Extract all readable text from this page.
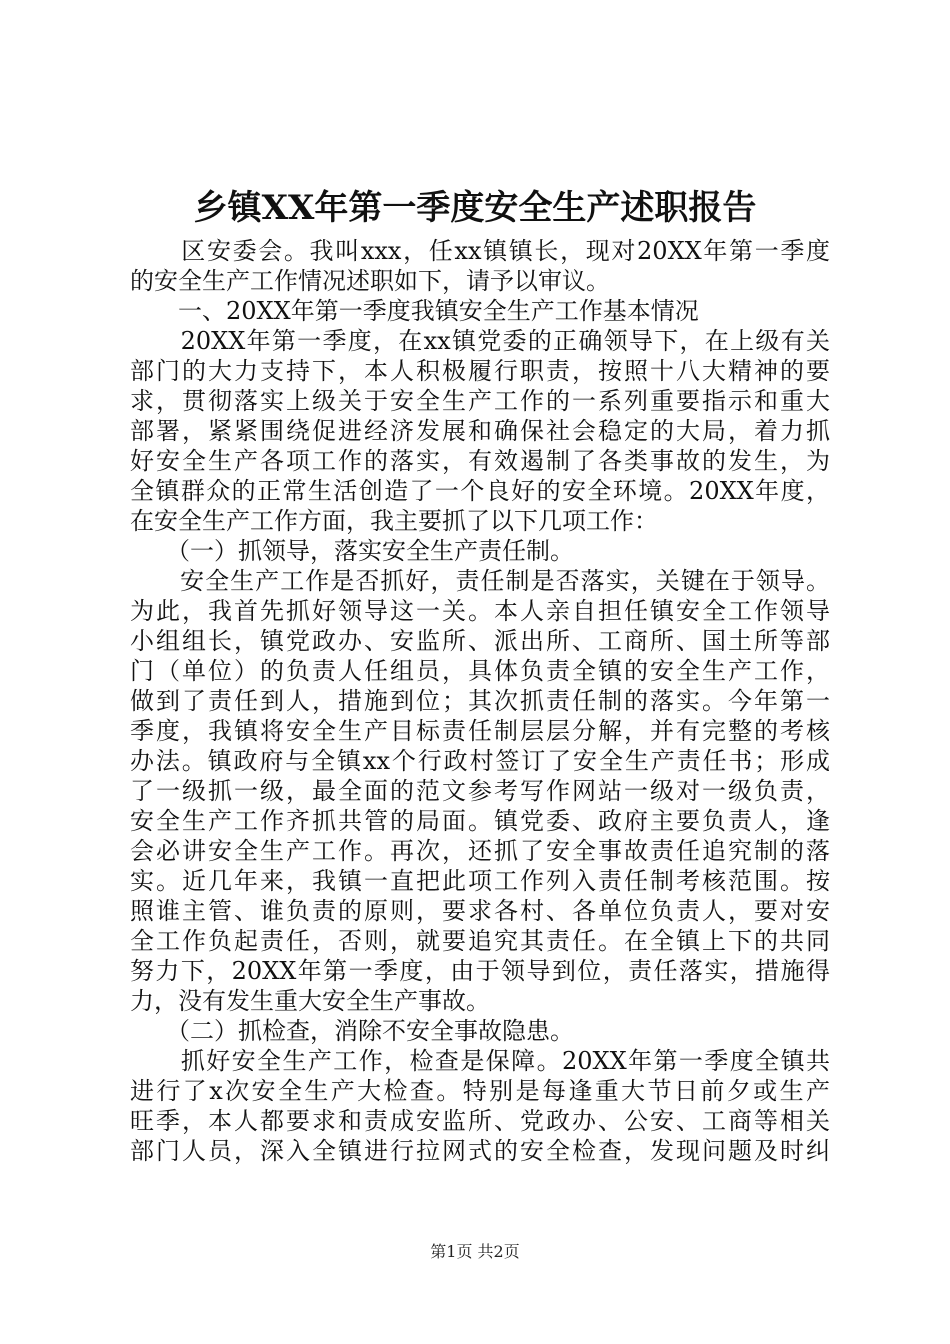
乡镇XX年第一季度安全生产述职报告
　　区安委会。我叫xxx，任xx镇镇长，现对20XX年第一季度
的安全生产工作情况述职如下，请予以审议。
　　一、20XX年第一季度我镇安全生产工作基本情况
　　20XX年第一季度，在xx镇党委的正确领导下，在上级有关
部门的大力支持下，本人积极履行职责，按照十八大精神的要
求，贯彻落实上级关于安全生产工作的一系列重要指示和重大
部署，紧紧围绕促进经济发展和确保社会稳定的大局，着力抓
好安全生产各项工作的落实，有效遏制了各类事故的发生，为
全镇群众的正常生活创造了一个良好的安全环境。20XX年度，
在安全生产工作方面，我主要抓了以下几项工作：
　　（一）抓领导，落实安全生产责任制。
　　安全生产工作是否抓好，责任制是否落实，关键在于领导。
为此，我首先抓好领导这一关。本人亲自担任镇安全工作领导
小组组长，镇党政办、安监所、派出所、工商所、国土所等部
门（单位）的负责人任组员，具体负责全镇的安全生产工作，
做到了责任到人，措施到位；其次抓责任制的落实。今年第一
季度，我镇将安全生产目标责任制层层分解，并有完整的考核
办法。镇政府与全镇xx个行政村签订了安全生产责任书；形成
了一级抓一级，最全面的范文参考写作网站一级对一级负责，
安全生产工作齐抓共管的局面。镇党委、政府主要负责人，逢
会必讲安全生产工作。再次，还抓了安全事故责任追究制的落
实。近几年来，我镇一直把此项工作列入责任制考核范围。按
照谁主管、谁负责的原则，要求各村、各单位负责人，要对安
全工作负起责任，否则，就要追究其责任。在全镇上下的共同
努力下，20XX年第一季度，由于领导到位，责任落实，措施得
力，没有发生重大安全生产事故。
　　（二）抓检查，消除不安全事故隐患。
　　抓好安全生产工作，检查是保障。20XX年第一季度全镇共
进行了x次安全生产大检查。特别是每逢重大节日前夕或生产
旺季，本人都要求和责成安监所、党政办、公安、工商等相关
部门人员，深入全镇进行拉网式的安全检查，发现问题及时纠
第1页 共2页
